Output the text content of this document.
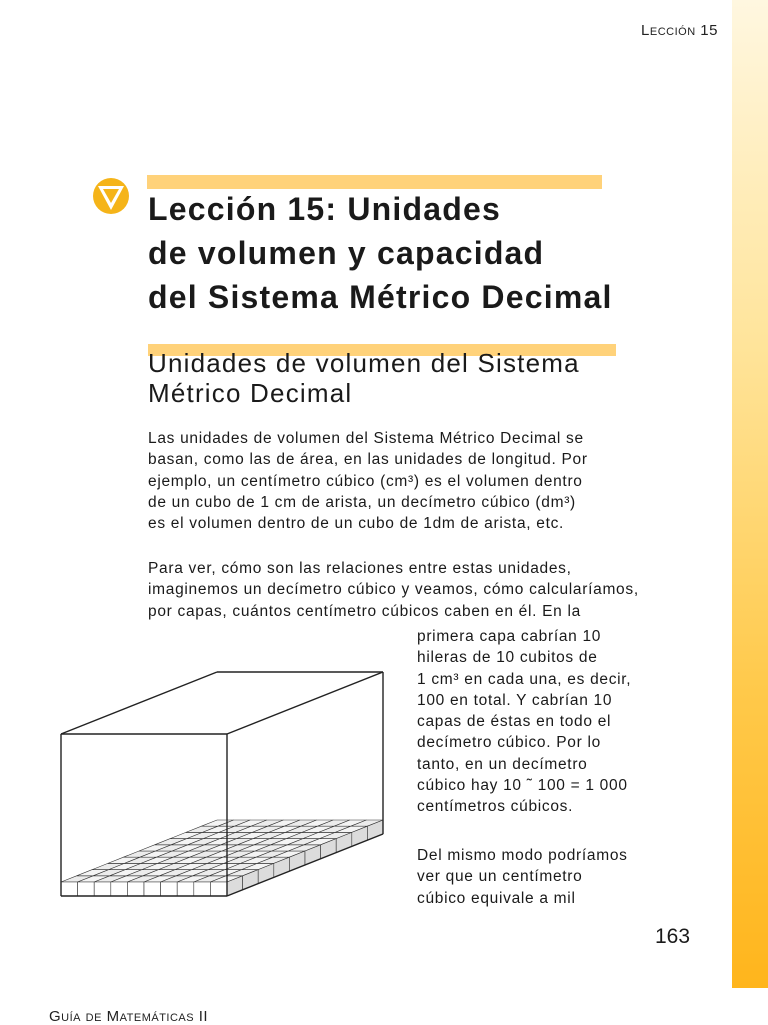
Lección 15
Lección 15: Unidades
de volumen y capacidad
del Sistema Métrico Decimal
Unidades de volumen del Sistema
Métrico Decimal
Las unidades de volumen del Sistema Métrico Decimal se
basan, como las de área, en las unidades de longitud. Por
ejemplo, un centímetro cúbico (cm³) es el volumen dentro
de un cubo de 1 cm de arista, un decímetro cúbico (dm³)
es el volumen dentro de un cubo de 1dm de arista, etc.
Para ver, cómo son las relaciones entre estas unidades,
imaginemos un decímetro cúbico y veamos, cómo calcularíamos,
por capas, cuántos centímetro cúbicos caben en él. En la
primera capa cabrían 10
hileras de 10 cubitos de
1 cm³ en cada una, es decir,
100 en total. Y cabrían 10
capas de éstas en todo el
decímetro cúbico. Por lo
tanto, en un decímetro
cúbico hay 10 ˜ 100 = 1 000
centímetros cúbicos.
Del mismo modo podríamos
ver que un centímetro
cúbico equivale a mil
163
Guía de Matemáticas II
